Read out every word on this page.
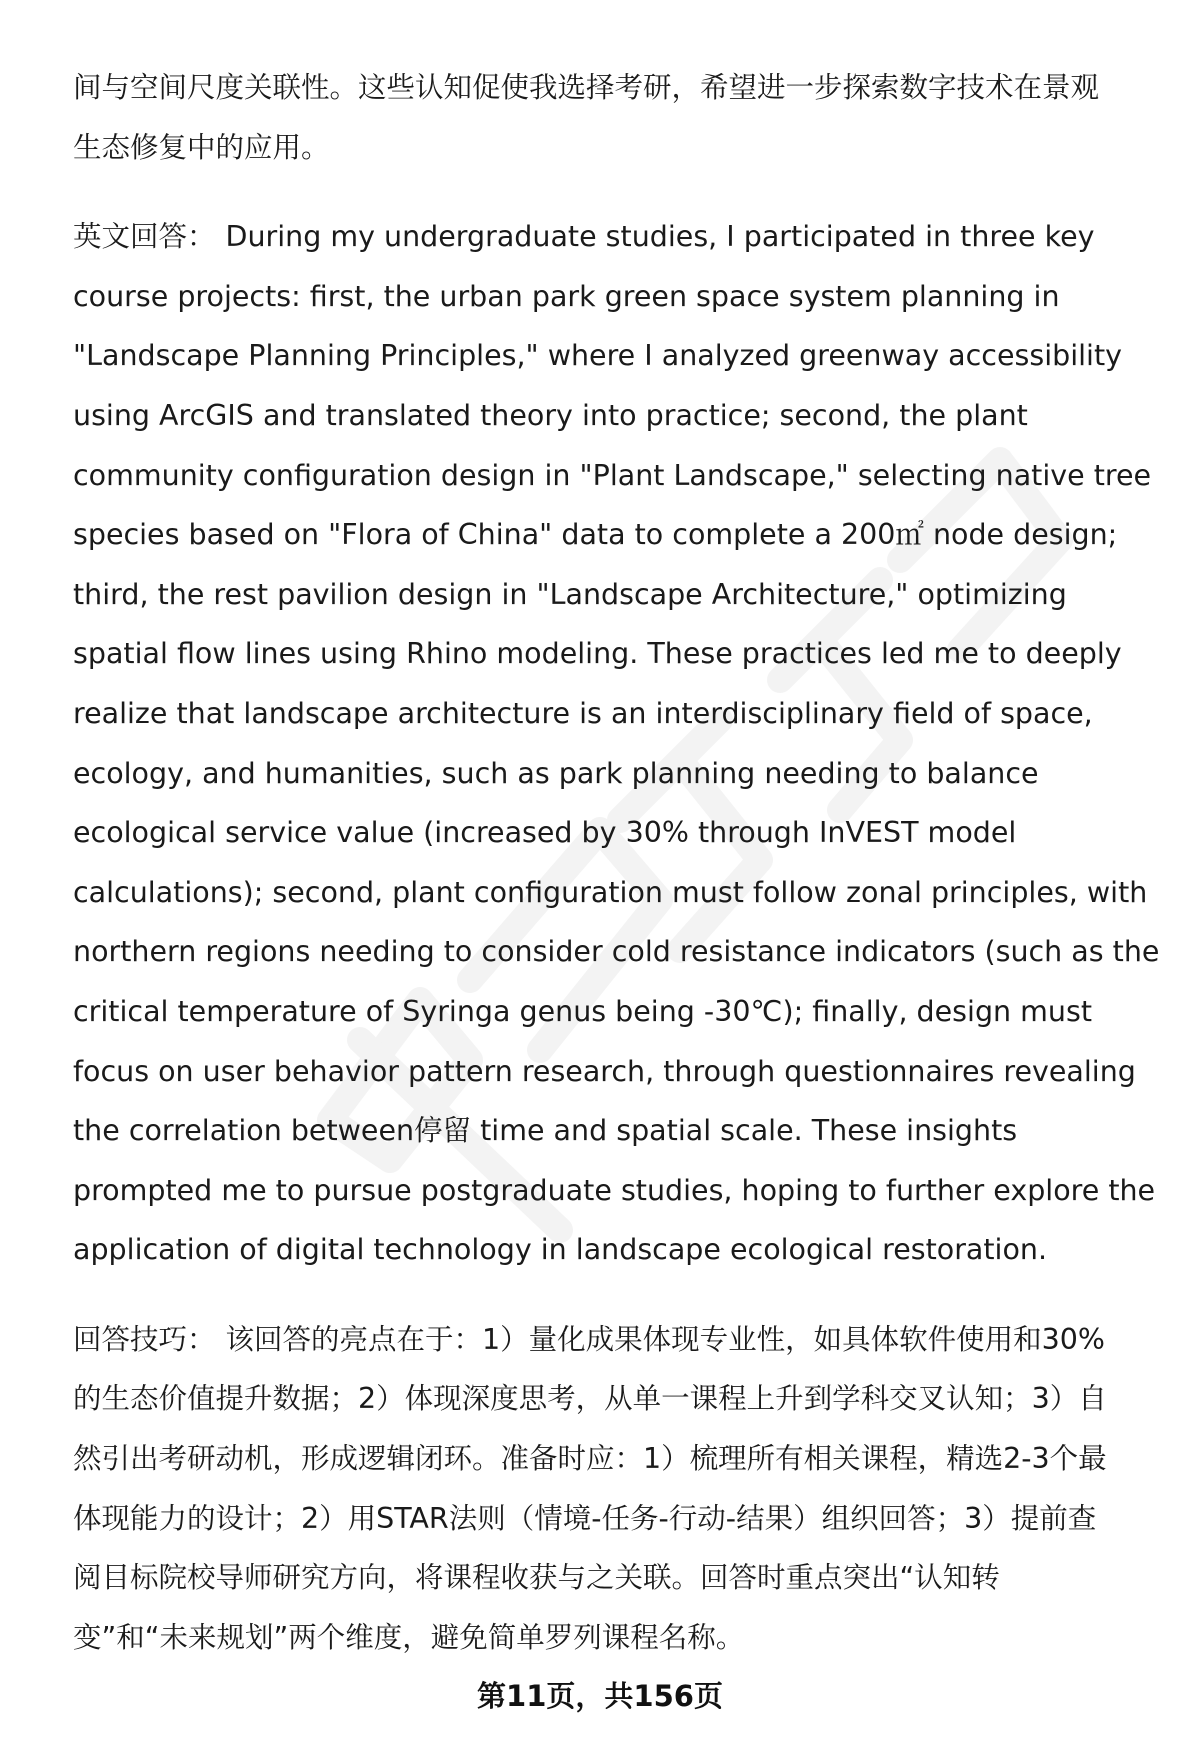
间与空间尺度关联性。这些认知促使我选择考研，希望进一步探索数字技术在景观
生态修复中的应用。

英文回答： During my undergraduate studies, I participated in three key
course projects: first, the urban park green space system planning in
"Landscape Planning Principles," where I analyzed greenway accessibility
using ArcGIS and translated theory into practice; second, the plant
community configuration design in "Plant Landscape," selecting native tree
species based on "Flora of China" data to complete a 200㎡ node design;
third, the rest pavilion design in "Landscape Architecture," optimizing
spatial flow lines using Rhino modeling. These practices led me to deeply
realize that landscape architecture is an interdisciplinary field of space,
ecology, and humanities, such as park planning needing to balance
ecological service value (increased by 30% through InVEST model
calculations); second, plant configuration must follow zonal principles, with
northern regions needing to consider cold resistance indicators (such as the
critical temperature of Syringa genus being -30℃); finally, design must
focus on user behavior pattern research, through questionnaires revealing
the correlation between停留 time and spatial scale. These insights
prompted me to pursue postgraduate studies, hoping to further explore the
application of digital technology in landscape ecological restoration.

回答技巧： 该回答的亮点在于：1）量化成果体现专业性，如具体软件使用和30%
的生态价值提升数据；2）体现深度思考，从单一课程上升到学科交叉认知；3）自
然引出考研动机，形成逻辑闭环。准备时应：1）梳理所有相关课程，精选2-3个最
体现能力的设计；2）用STAR法则（情境-任务-行动-结果）组织回答；3）提前查
阅目标院校导师研究方向，将课程收获与之关联。回答时重点突出“认知转
变”和“未来规划”两个维度，避免简单罗列课程名称。

第11页，共156页
